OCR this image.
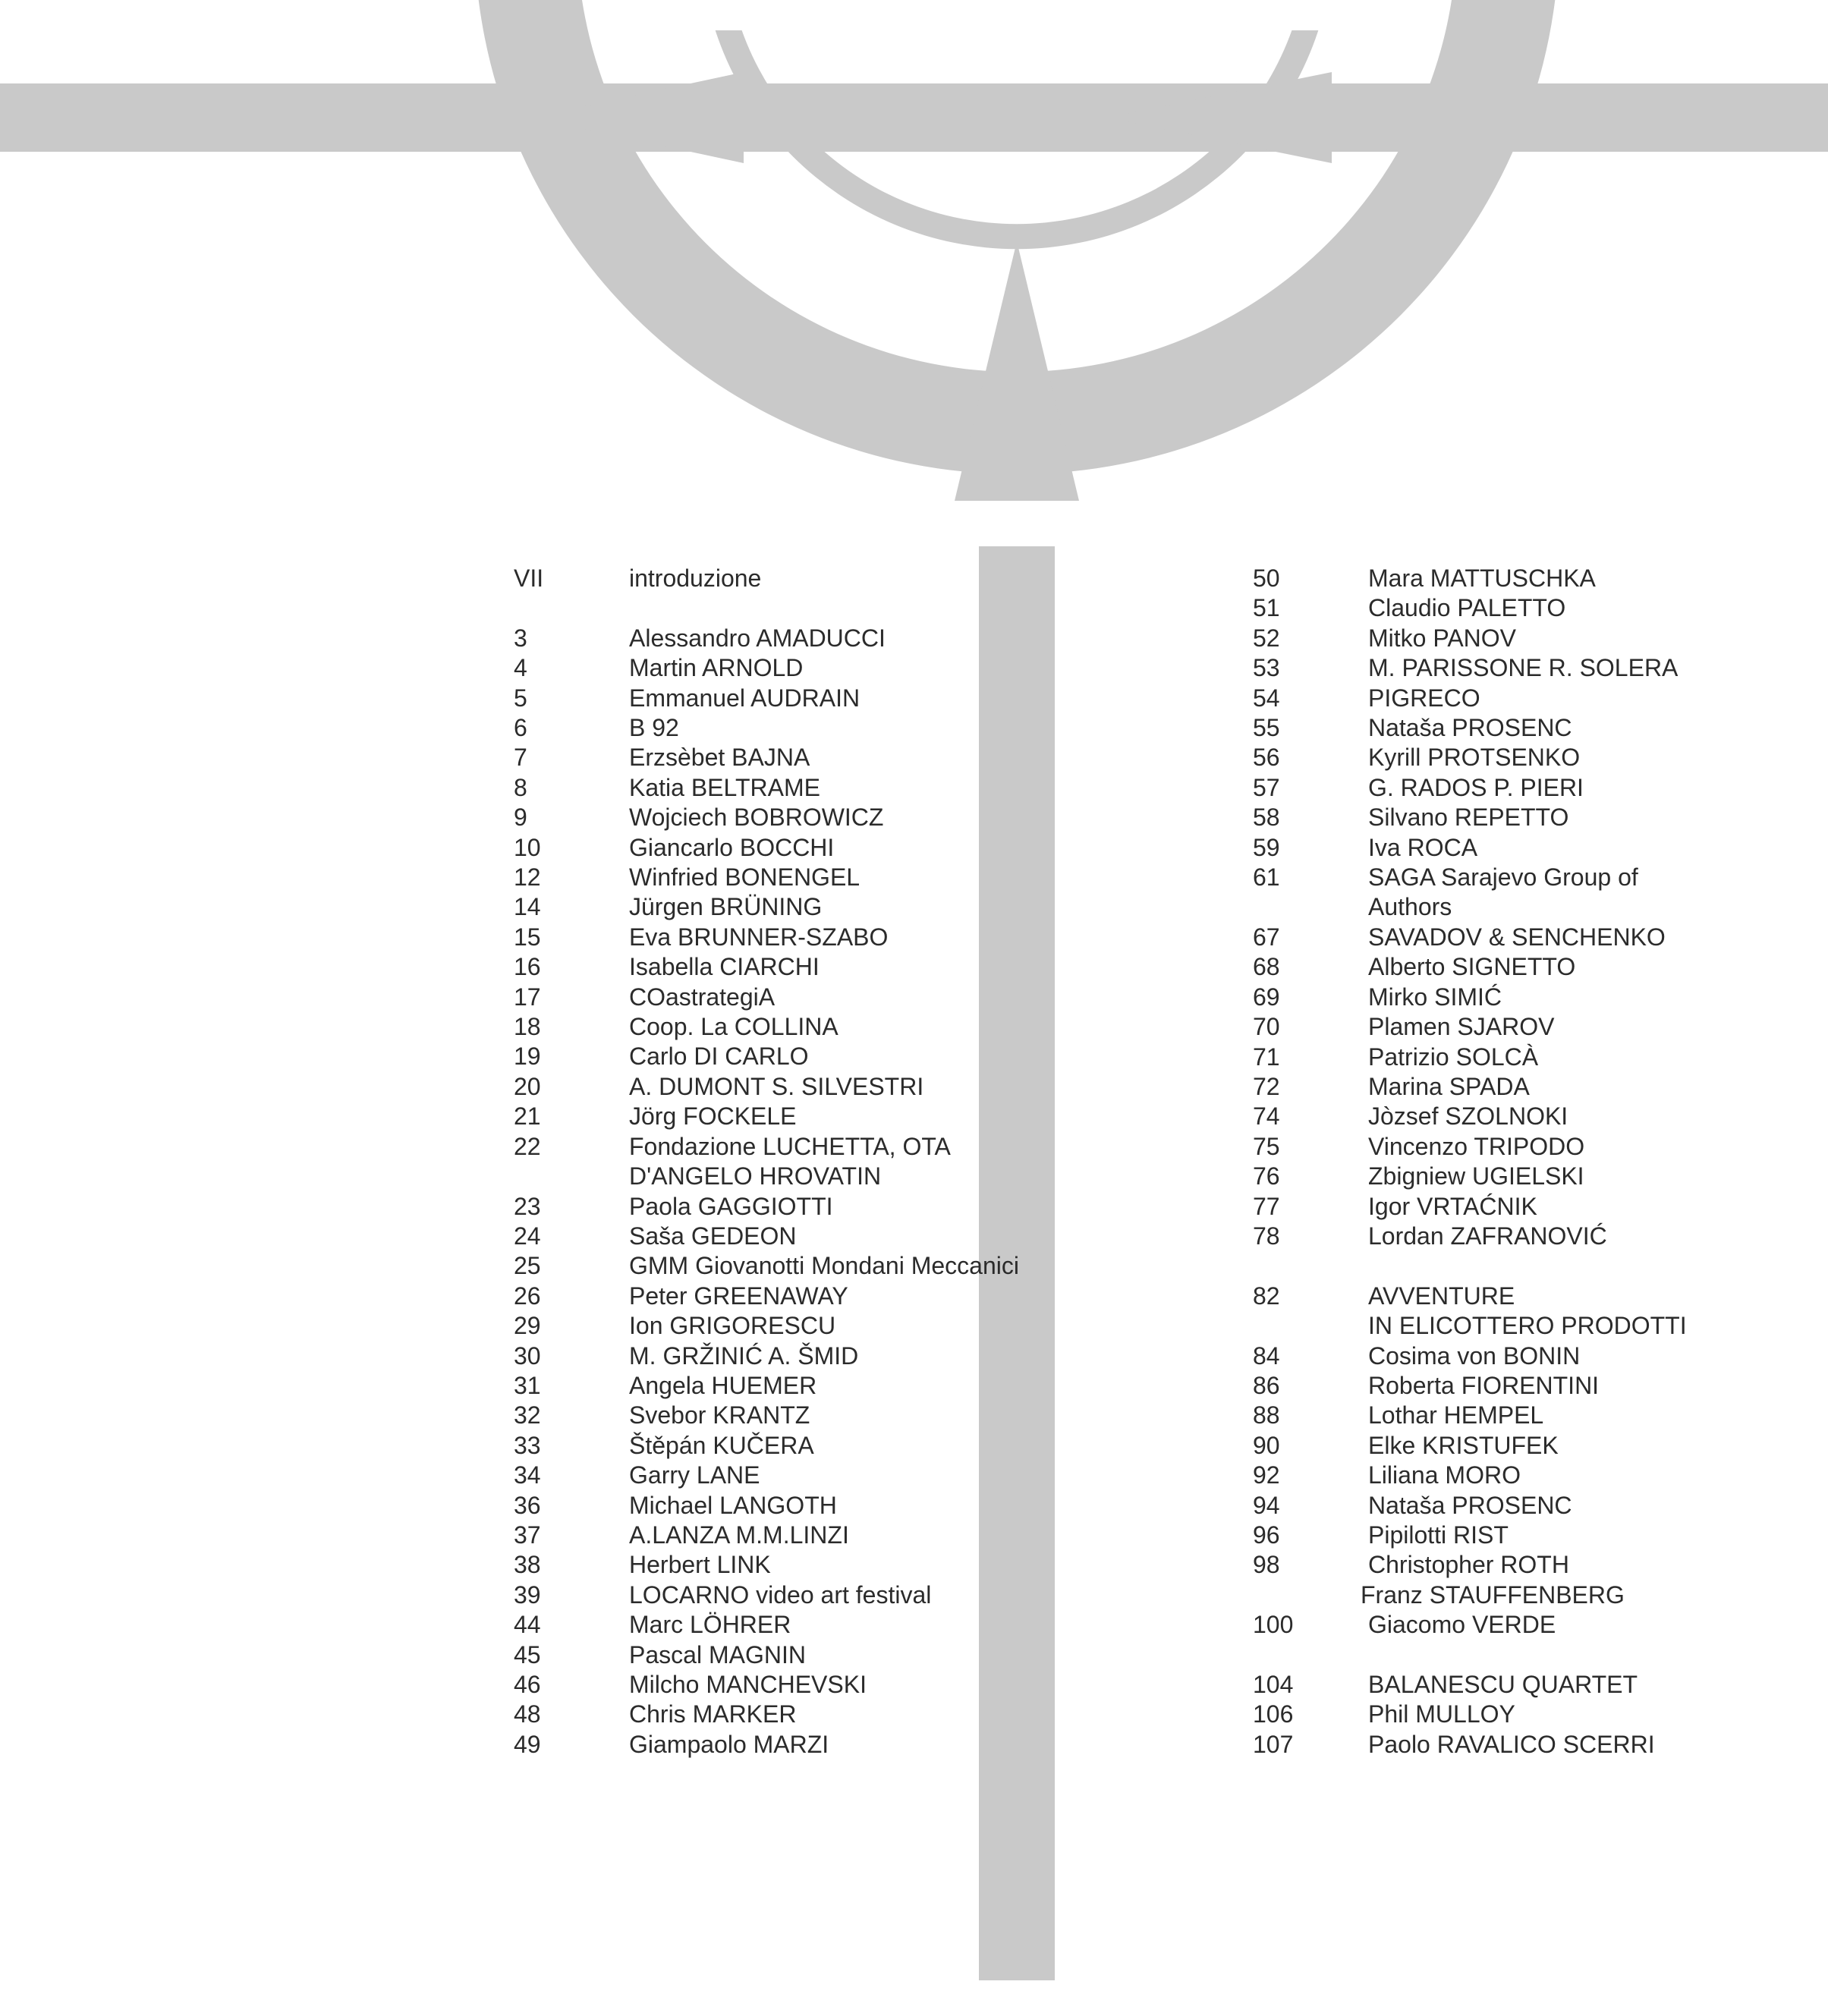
VII	introduzione
3	Alessandro AMADUCCI
4	Martin ARNOLD
5	Emmanuel AUDRAIN
6	B 92
7	Erzsèbet BAJNA
8	Katia BELTRAME
9	Wojciech BOBROWICZ
10	Giancarlo BOCCHI
12	Winfried BONENGEL
14	Jürgen BRÜNING
15	Eva BRUNNER-SZABO
16	Isabella CIARCHI
17	COastrategiA
18	Coop. La COLLINA
19	Carlo DI CARLO
20	A. DUMONT S. SILVESTRI
21	Jörg FOCKELE
22	Fondazione LUCHETTA, OTA
D'ANGELO HROVATIN
23	Paola GAGGIOTTI
24	Saša GEDEON
25	GMM Giovanotti Mondani Meccanici
26	Peter GREENAWAY
29	Ion GRIGORESCU
30	M. GRŽINIĆ A. ŠMID
31	Angela HUEMER
32	Svebor KRANTZ
33	Štěpán KUČERA
34	Garry LANE
36	Michael LANGOTH
37	A.LANZA M.M.LINZI
38	Herbert LINK
39	LOCARNO video art festival
44	Marc LÖHRER
45	Pascal MAGNIN
46	Milcho MANCHEVSKI
48	Chris MARKER
49	Giampaolo MARZI
50	Mara MATTUSCHKA
51	Claudio PALETTO
52	Mitko PANOV
53	M. PARISSONE R. SOLERA
54	PIGRECO
55	Nataša PROSENC
56	Kyrill PROTSENKO
57	G. RADOS P. PIERI
58	Silvano REPETTO
59	Iva ROCA
61	SAGA Sarajevo Group of
Authors
67	SAVADOV & SENCHENKO
68	Alberto SIGNETTO
69	Mirko SIMIĆ
70	Plamen SJAROV
71	Patrizio SOLCÀ
72	Marina SPADA
74	Jòzsef SZOLNOKI
75	Vincenzo TRIPODO
76	Zbigniew UGIELSKI
77	Igor VRTAĆNIK
78	Lordan ZAFRANOVIĆ
82	AVVENTURE
IN ELICOTTERO PRODOTTI
84	Cosima von BONIN
86	Roberta FIORENTINI
88	Lothar HEMPEL
90	Elke KRISTUFEK
92	Liliana MORO
94	Nataša PROSENC
96	Pipilotti RIST
98	Christopher ROTH
Franz STAUFFENBERG
100	Giacomo VERDE
104	BALANESCU QUARTET
106	Phil MULLOY
107	Paolo RAVALICO SCERRI
